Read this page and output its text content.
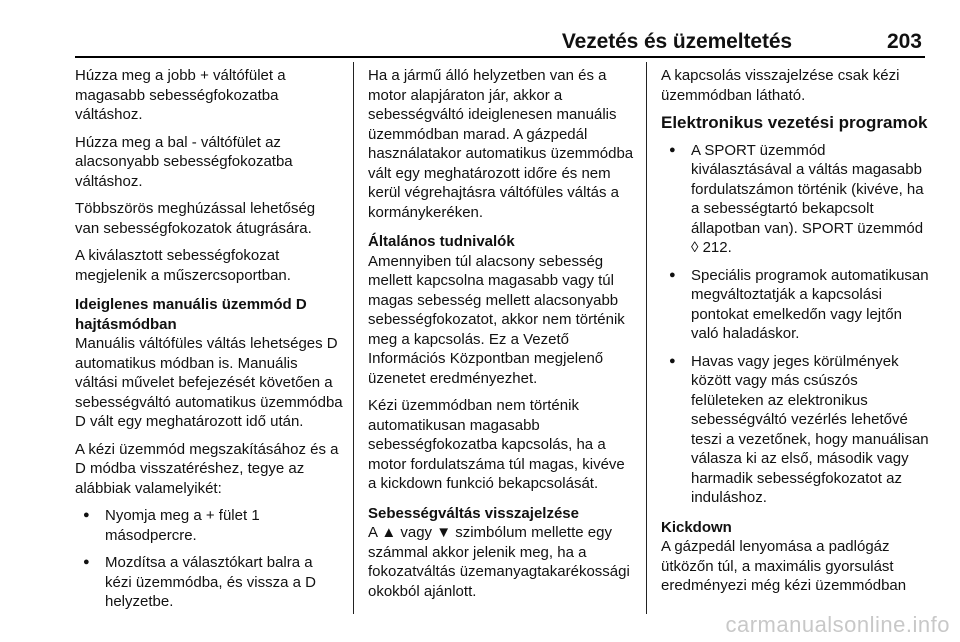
Vezetés és üzemeltetés	203

Húzza meg a jobb + váltófület a magasabb sebességfokozatba váltáshoz.

Húzza meg a bal - váltófület az alacsonyabb sebességfokozatba váltáshoz.

Többszörös meghúzással lehetőség van sebességfokozatok átugrására.

A kiválasztott sebességfokozat megjelenik a műszercsoportban.

Ideiglenes manuális üzemmód D hajtásmódban

Manuális váltófüles váltás lehetséges D automatikus módban is. Manuális váltási művelet befejezését követően a sebességváltó automatikus üzemmódba D vált egy meghatározott idő után.

A kézi üzemmód megszakításához és a D módba visszatéréshez, tegye az alábbiak valamelyikét:

● Nyomja meg a + fület 1 másodpercre.
● Mozdítsa a választókart balra a kézi üzemmódba, és vissza a D helyzetbe.

Ha a jármű álló helyzetben van és a motor alapjáraton jár, akkor a sebességváltó ideiglenesen manuális üzemmódban marad. A gázpedál használatakor automatikus üzemmódba vált egy meghatározott időre és nem kerül végrehajtásra váltófüles váltás a kormánykeréken.

Általános tudnivalók

Amennyiben túl alacsony sebesség mellett kapcsolna magasabb vagy túl magas sebesség mellett alacsonyabb sebességfokozatot, akkor nem történik meg a kapcsolás. Ez a Vezető Információs Központban megjelenő üzenetet eredményezhet.

Kézi üzemmódban nem történik automatikusan magasabb sebességfokozatba kapcsolás, ha a motor fordulatszáma túl magas, kivéve a kickdown funkció bekapcsolását.

Sebességváltás visszajelzése

A ▲ vagy ▼ szimbólum mellette egy számmal akkor jelenik meg, ha a fokozatváltás üzemanyagtakarékossági okokból ajánlott.

A kapcsolás visszajelzése csak kézi üzemmódban látható.

Elektronikus vezetési programok

● A SPORT üzemmód kiválasztásával a váltás magasabb fordulatszámon történik (kivéve, ha a sebességtartó bekapcsolt állapotban van). SPORT üzemmód ◊ 212.
● Speciális programok automatikusan megváltoztatják a kapcsolási pontokat emelkedőn vagy lejtőn való haladáskor.
● Havas vagy jeges körülmények között vagy más csúszós felületeken az elektronikus sebességváltó vezérlés lehetővé teszi a vezetőnek, hogy manuálisan válasza ki az első, második vagy harmadik sebességfokozatot az induláshoz.

Kickdown

A gázpedál lenyomása a padlógáz ütközőn túl, a maximális gyorsulást eredményezi még kézi üzemmódban

carmanualsonline.info
